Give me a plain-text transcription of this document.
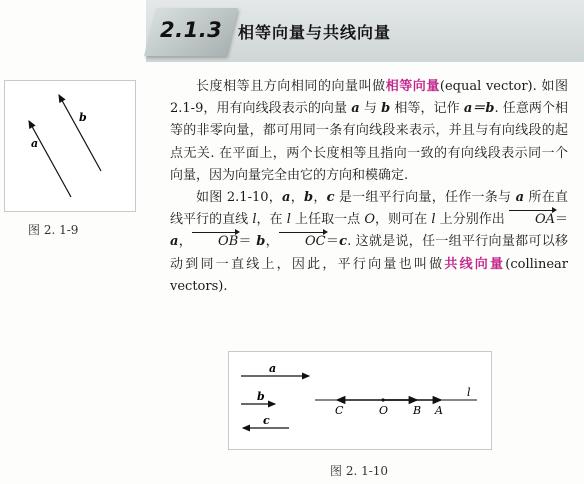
2.1.3 相等向量与共线向量
a
b
图 2. 1-9

长度相等且方向相同的向量叫做相等向量(equal vector). 如图 2.1-9，用有向线段表示的向量 a 与 b 相等，记作 a＝b. 任意两个相等的非零向量，都可用同一条有向线段来表示，并且与有向线段的起点无关. 在平面上，两个长度相等且指向一致的有向线段表示同一个向量，因为向量完全由它的方向和模确定.

如图 2.1-10，a，b，c 是一组平行向量，任作一条与 a 所在直线平行的直线 l，在 l 上任取一点 O，则可在 l 上分别作出 OA＝a， OB＝ b， OC＝c. 这就是说，任一组平行向量都可以移动到同一直线上，因此，平行向量也叫做共线向量(collinear vectors).

a
b
c
l
C	O B A
图 2. 1-10
